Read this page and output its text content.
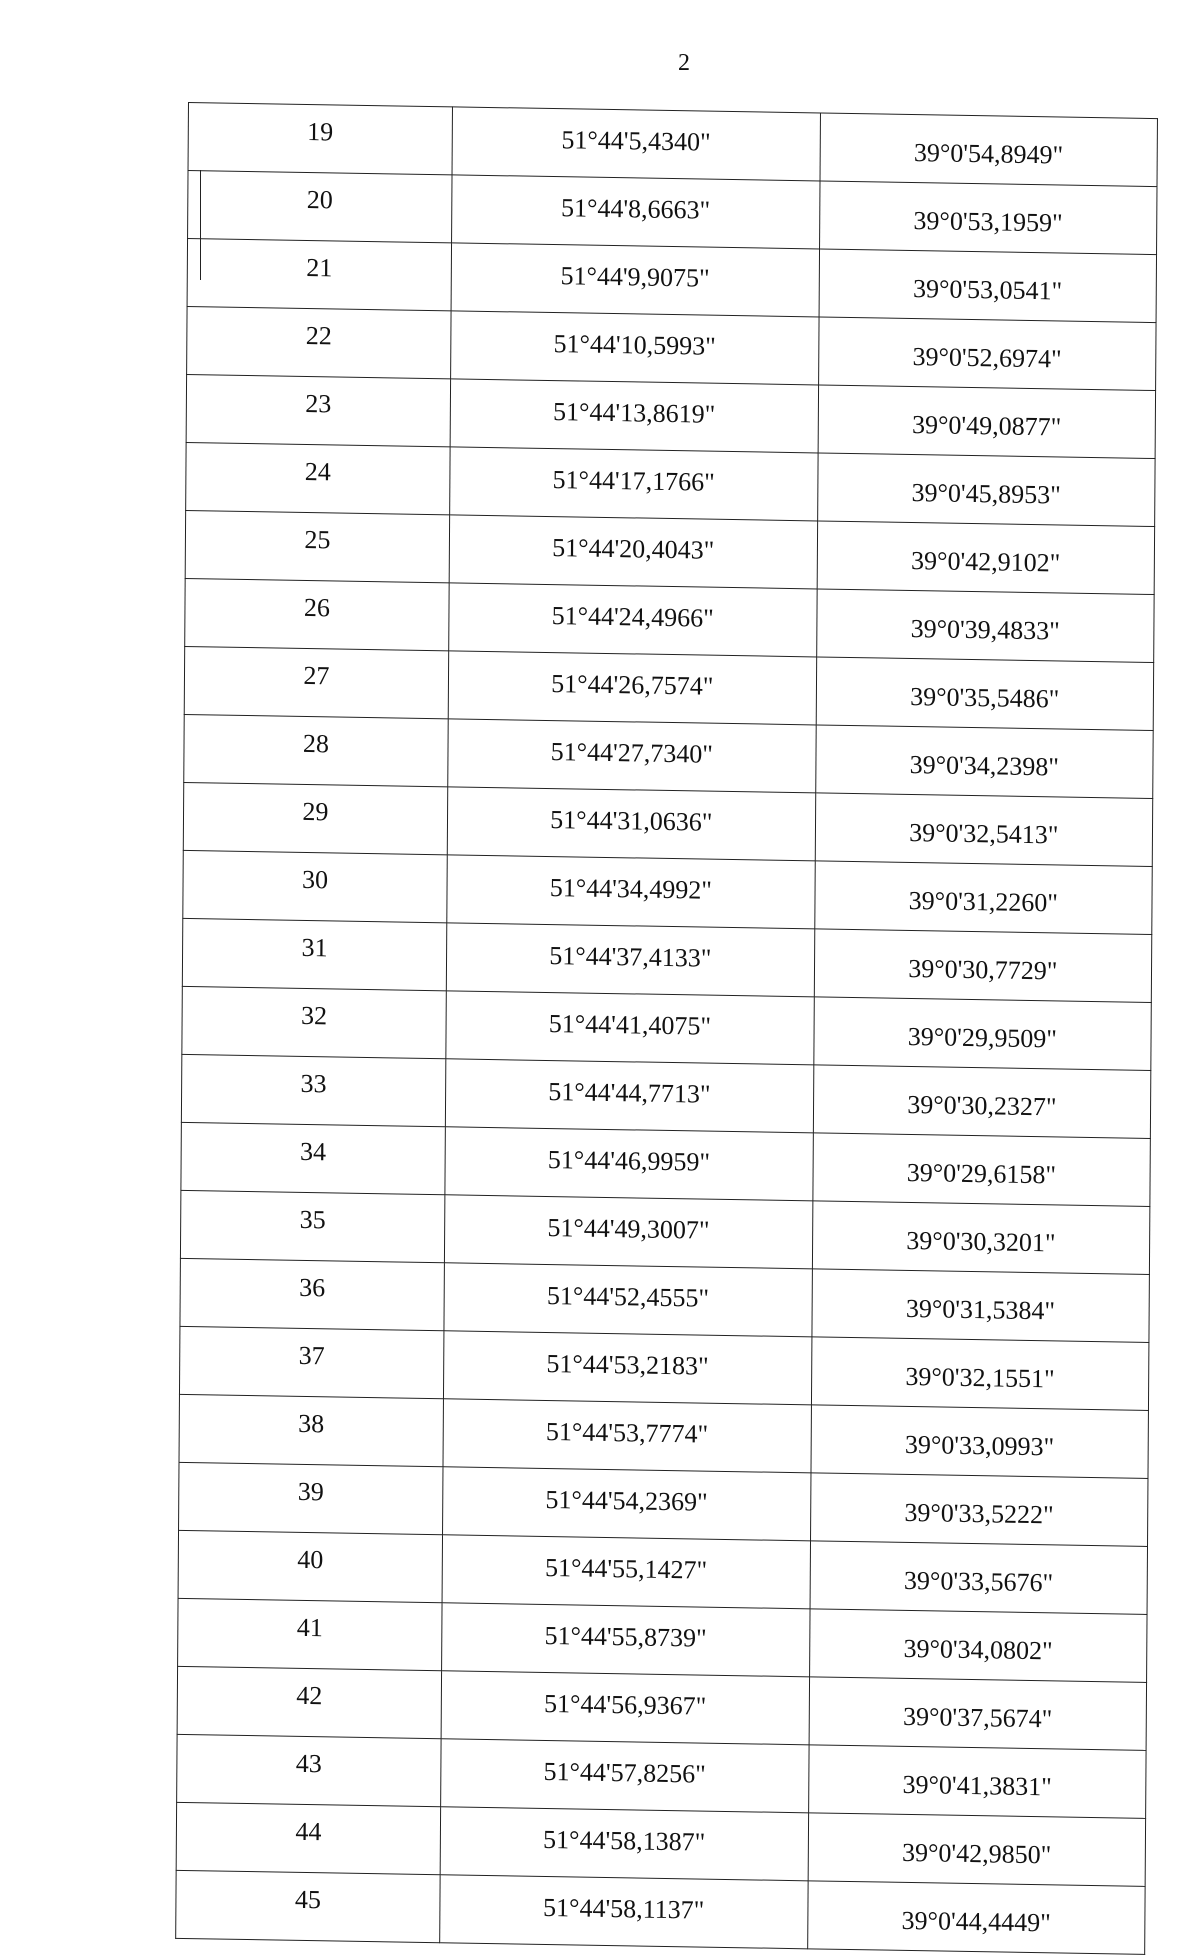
2
19	51°44'5,4340"	39°0'54,8949"
20	51°44'8,6663"	39°0'53,1959"
21	51°44'9,9075"	39°0'53,0541"
22	51°44'10,5993"	39°0'52,6974"
23	51°44'13,8619"	39°0'49,0877"
24	51°44'17,1766"	39°0'45,8953"
25	51°44'20,4043"	39°0'42,9102"
26	51°44'24,4966"	39°0'39,4833"
27	51°44'26,7574"	39°0'35,5486"
28	51°44'27,7340"	39°0'34,2398"
29	51°44'31,0636"	39°0'32,5413"
30	51°44'34,4992"	39°0'31,2260"
31	51°44'37,4133"	39°0'30,7729"
32	51°44'41,4075"	39°0'29,9509"
33	51°44'44,7713"	39°0'30,2327"
34	51°44'46,9959"	39°0'29,6158"
35	51°44'49,3007"	39°0'30,3201"
36	51°44'52,4555"	39°0'31,5384"
37	51°44'53,2183"	39°0'32,1551"
38	51°44'53,7774"	39°0'33,0993"
39	51°44'54,2369"	39°0'33,5222"
40	51°44'55,1427"	39°0'33,5676"
41	51°44'55,8739"	39°0'34,0802"
42	51°44'56,9367"	39°0'37,5674"
43	51°44'57,8256"	39°0'41,3831"
44	51°44'58,1387"	39°0'42,9850"
45	51°44'58,1137"	39°0'44,4449"
